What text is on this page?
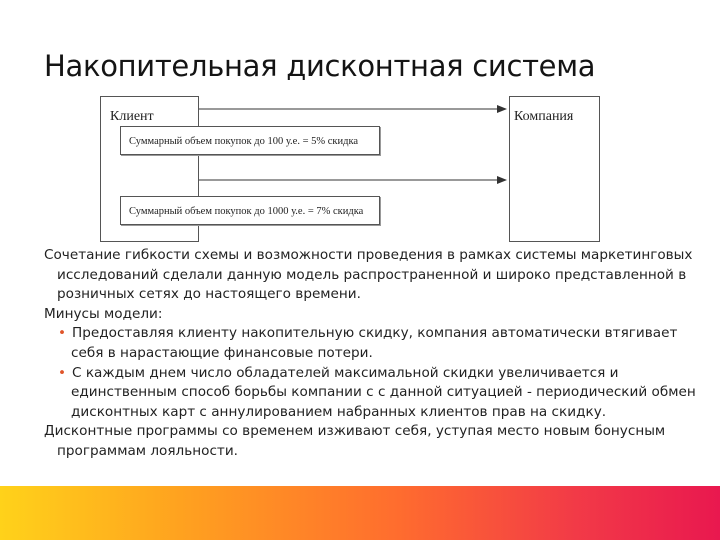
Накопительная дисконтная система
Клиент	Компания
Суммарный объем покупок до 100 у.е. = 5% скидка
Суммарный объем покупок до 1000 у.е. = 7% скидка

Сочетание гибкости схемы и возможности проведения в рамках системы маркетинговых исследований сделали данную модель распространенной и широко представленной в розничных сетях до настоящего времени.

Минусы модели:

• Предоставляя клиенту накопительную скидку, компания автоматически втягивает себя в нарастающие финансовые потери.

• С каждым днем число обладателей максимальной скидки увеличивается и единственным способ борьбы компании с с данной ситуацией - периодический обмен дисконтных карт с аннулированием набранных клиентов прав на скидку.

Дисконтные программы со временем изживают себя, уступая место новым бонусным программам лояльности.
